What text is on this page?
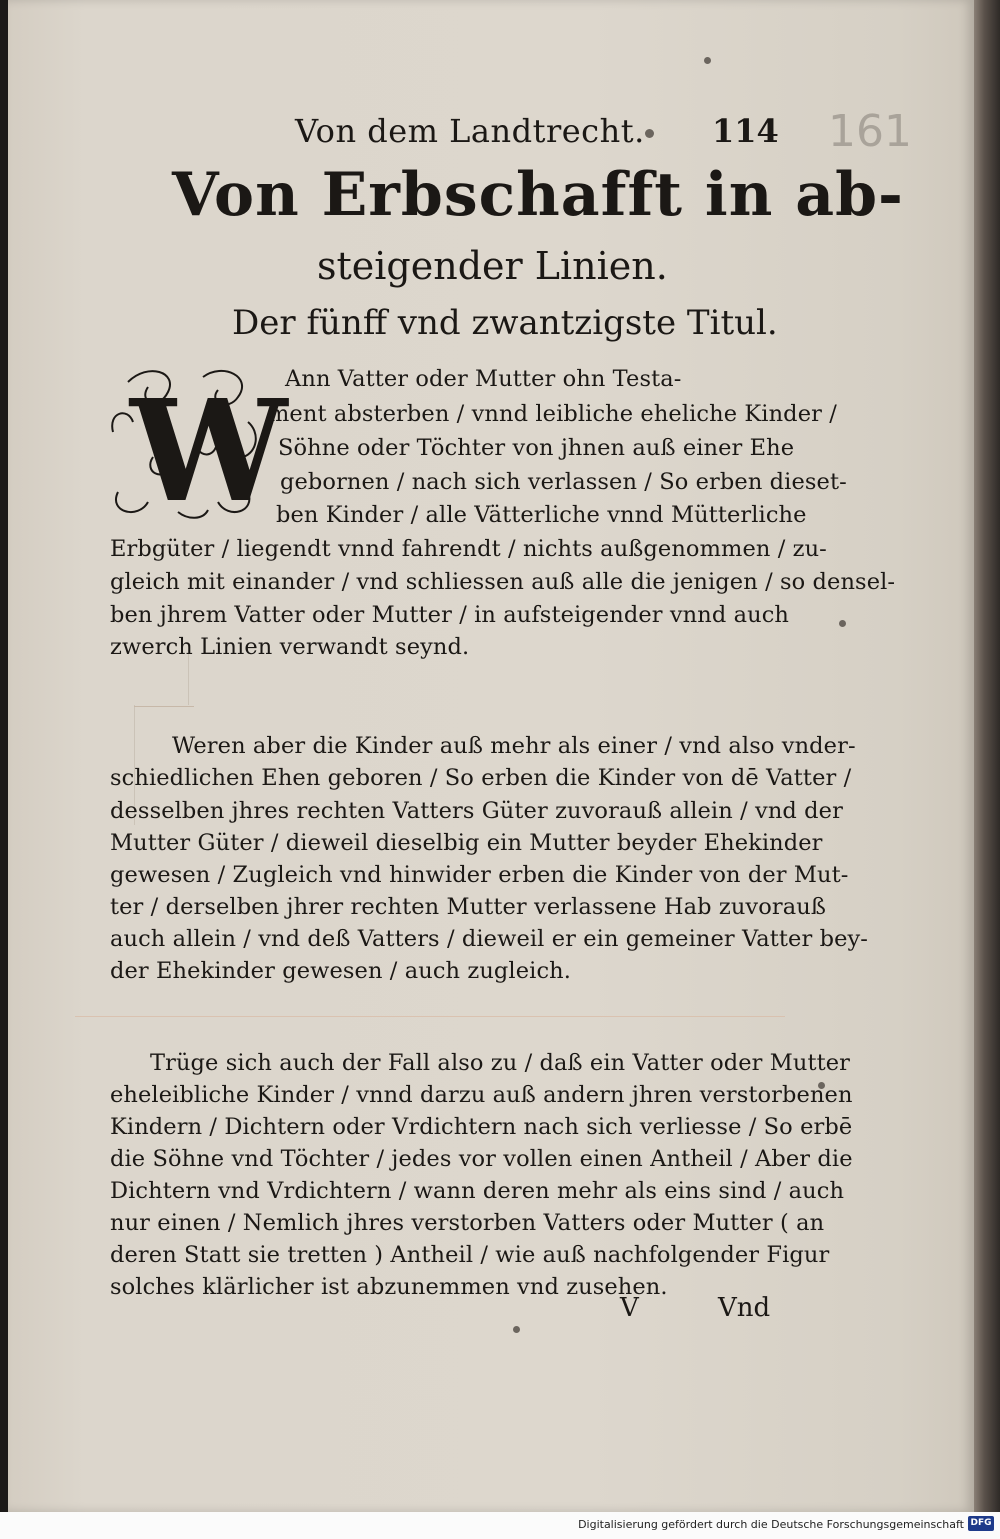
Von dem Landtrecht. 114 161
Von Erbschafft in ab-
steigender Linien.
Der fünff vnd zwantzigste Titul.
W
Ann Vatter oder Mutter ohn Testa-
ment absterben / vnnd leibliche eheliche Kinder /
Söhne oder Töchter von jhnen auß einer Ehe
gebornen / nach sich verlassen / So erben dieset-
ben Kinder / alle Vätterliche vnnd Mütterliche
Erbgüter / liegendt vnnd fahrendt / nichts außgenommen / zu-
gleich mit einander / vnd schliessen auß alle die jenigen / so densel-
ben jhrem Vatter oder Mutter / in aufsteigender vnnd auch
zwerch Linien verwandt seynd.
Weren aber die Kinder auß mehr als einer / vnd also vnder-
schiedlichen Ehen geboren / So erben die Kinder von dē Vatter /
desselben jhres rechten Vatters Güter zuvorauß allein / vnd der
Mutter Güter / dieweil dieselbig ein Mutter beyder Ehekinder
gewesen / Zugleich vnd hinwider erben die Kinder von der Mut-
ter / derselben jhrer rechten Mutter verlassene Hab zuvorauß
auch allein / vnd deß Vatters / dieweil er ein gemeiner Vatter bey-
der Ehekinder gewesen / auch zugleich.
Trüge sich auch der Fall also zu / daß ein Vatter oder Mutter
eheleibliche Kinder / vnnd darzu auß andern jhren verstorbenen
Kindern / Dichtern oder Vrdichtern nach sich verliesse / So erbē
die Söhne vnd Töchter / jedes vor vollen einen Antheil / Aber die
Dichtern vnd Vrdichtern / wann deren mehr als eins sind / auch
nur einen / Nemlich jhres verstorben Vatters oder Mutter ( an
deren Statt sie tretten ) Antheil / wie auß nachfolgender Figur
solches klärlicher ist abzunemmen vnd zusehen.
V	Vnd
Digitalisierung gefördert durch die Deutsche Forschungsgemeinschaft DFG
